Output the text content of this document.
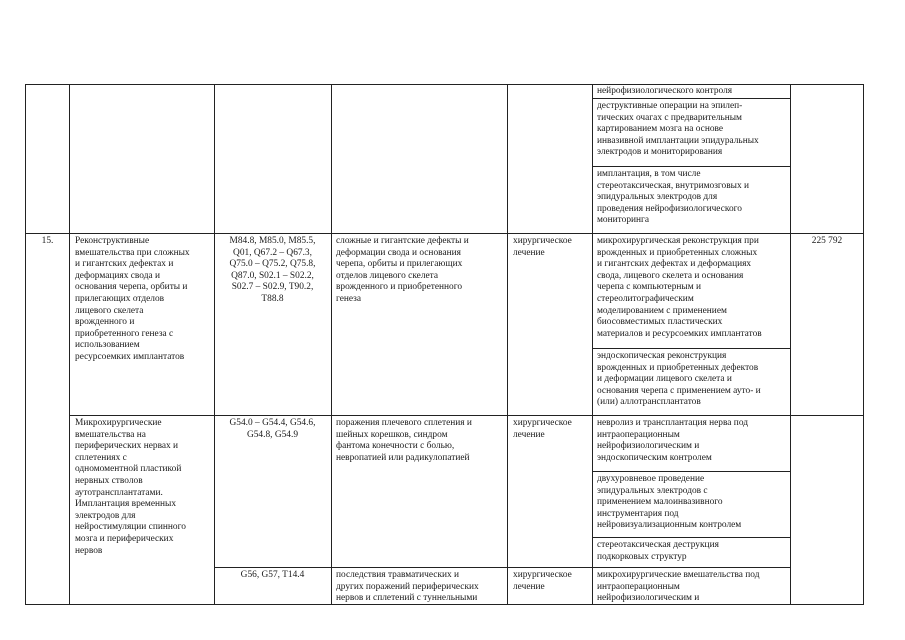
нейрофизиологического контроля
деструктивные операции на эпилеп-
тических очагах с предварительным
картированием мозга на основе
инвазивной имплантации эпидуральных
электродов и мониторирования
имплантация, в том числе
стереотаксическая, внутримозговых и
эпидуральных электродов для
проведения нейрофизиологического
мониторинга
15.	Реконструктивные
вмешательства при сложных
и гигантских дефектах и
деформациях свода и
основания черепа, орбиты и
прилегающих отделов
лицевого скелета
врожденного и
приобретенного генеза с
использованием
ресурсоемких имплантатов
M84.8, M85.0, M85.5,
Q01, Q67.2 – Q67.3,
Q75.0 – Q75.2, Q75.8,
Q87.0, S02.1 – S02.2,
S02.7 – S02.9, T90.2,
T88.8
сложные и гигантские дефекты и
деформации свода и основания
черепа, орбиты и прилегающих
отделов лицевого скелета
врожденного и приобретенного
генеза
хирургическое
лечение
микрохирургическая реконструкция при
врожденных и приобретенных сложных
и гигантских дефектах и деформациях
свода, лицевого скелета и основания
черепа с компьютерным и
стереолитографическим
моделированием с применением
биосовместимых пластических
материалов и ресурсоемких имплантатов
эндоскопическая реконструкция
врожденных и приобретенных дефектов
и деформации лицевого скелета и
основания черепа с применением ауто- и
(или) аллотрансплантатов
225 792
Микрохирургические
вмешательства на
периферических нервах и
сплетениях с
одномоментной пластикой
нервных стволов
аутотрансплантатами.
Имплантация временных
электродов для
нейростимуляции спинного
мозга и периферических
нервов
G54.0 – G54.4, G54.6,
G54.8, G54.9
поражения плечевого сплетения и
шейных корешков, синдром
фантома конечности с болью,
невропатией или радикулопатией
хирургическое
лечение
невролиз и трансплантация нерва под
интраоперационным
нейрофизиологическим и
эндоскопическим контролем
двухуровневое проведение
эпидуральных электродов с
применением малоинвазивного
инструментария под
нейровизуализационным контролем
стереотаксическая деструкция
подкорковых структур
G56, G57, T14.4	последствия травматических и
других поражений периферических
нервов и сплетений с туннельными
хирургическое
лечение
микрохирургические вмешательства под
интраоперационным
нейрофизиологическим и
